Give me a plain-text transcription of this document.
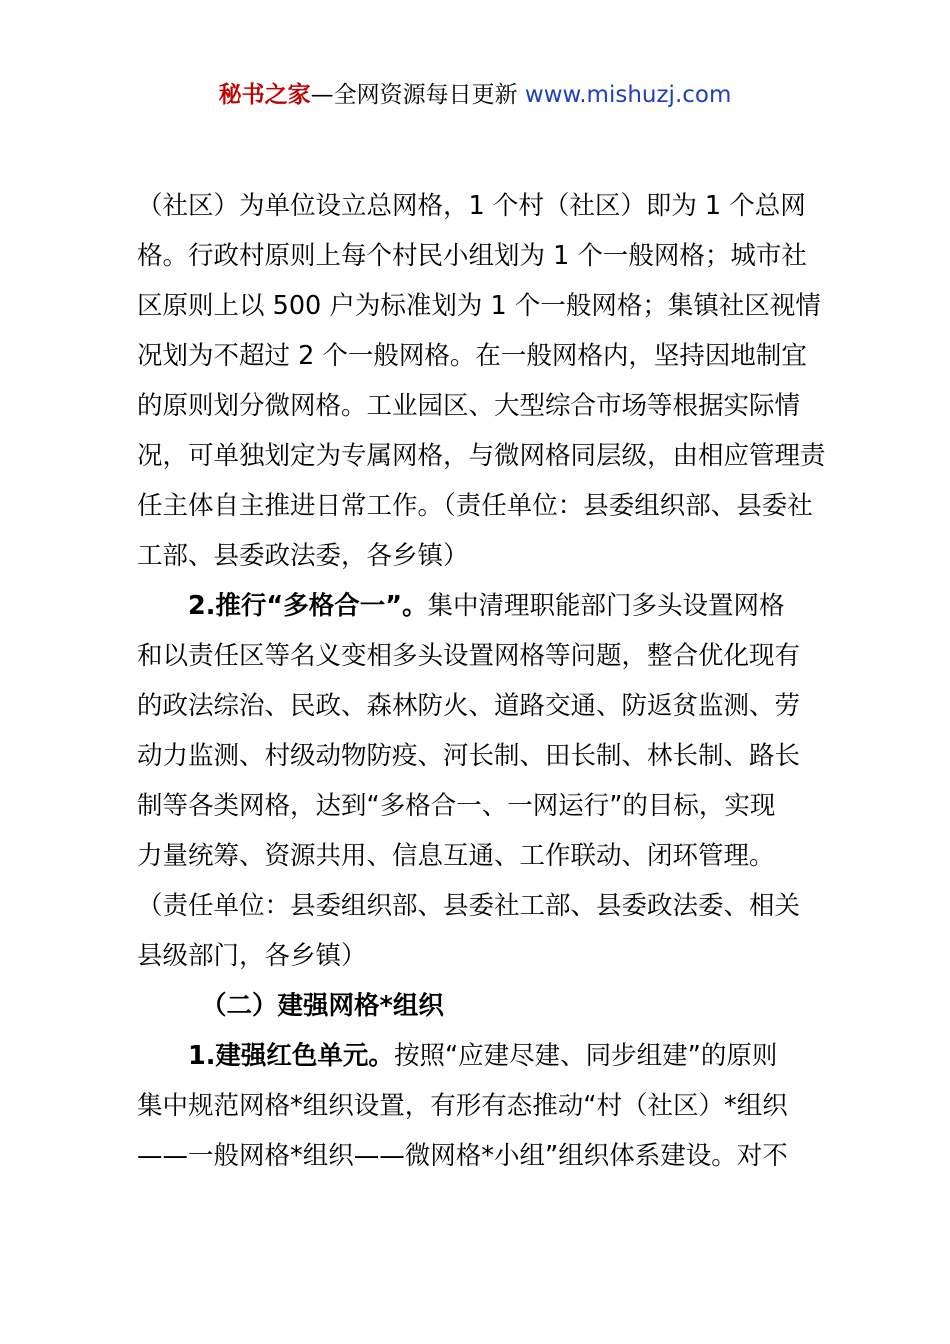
秘书之家—全网资源每日更新 www.mishuzj.com
（社区）为单位设立总网格，1 个村（社区）即为 1 个总网
格。行政村原则上每个村民小组划为 1 个一般网格；城市社
区原则上以 500 户为标准划为 1 个一般网格；集镇社区视情
况划为不超过 2 个一般网格。在一般网格内，坚持因地制宜
的原则划分微网格。工业园区、大型综合市场等根据实际情
况，可单独划定为专属网格，与微网格同层级，由相应管理责
任主体自主推进日常工作。（责任单位：县委组织部、县委社
工部、县委政法委，各乡镇）
2.推行“多格合一”。集中清理职能部门多头设置网格
和以责任区等名义变相多头设置网格等问题，整合优化现有
的政法综治、民政、森林防火、道路交通、防返贫监测、劳
动力监测、村级动物防疫、河长制、田长制、林长制、路长
制等各类网格，达到“多格合一、一网运行”的目标，实现
力量统筹、资源共用、信息互通、工作联动、闭环管理。
（责任单位：县委组织部、县委社工部、县委政法委、相关
县级部门，各乡镇）
（二）建强网格*组织
1.建强红色单元。按照“应建尽建、同步组建”的原则
集中规范网格*组织设置，有形有态推动“村（社区）*组织
——一般网格*组织——微网格*小组”组织体系建设。对不
